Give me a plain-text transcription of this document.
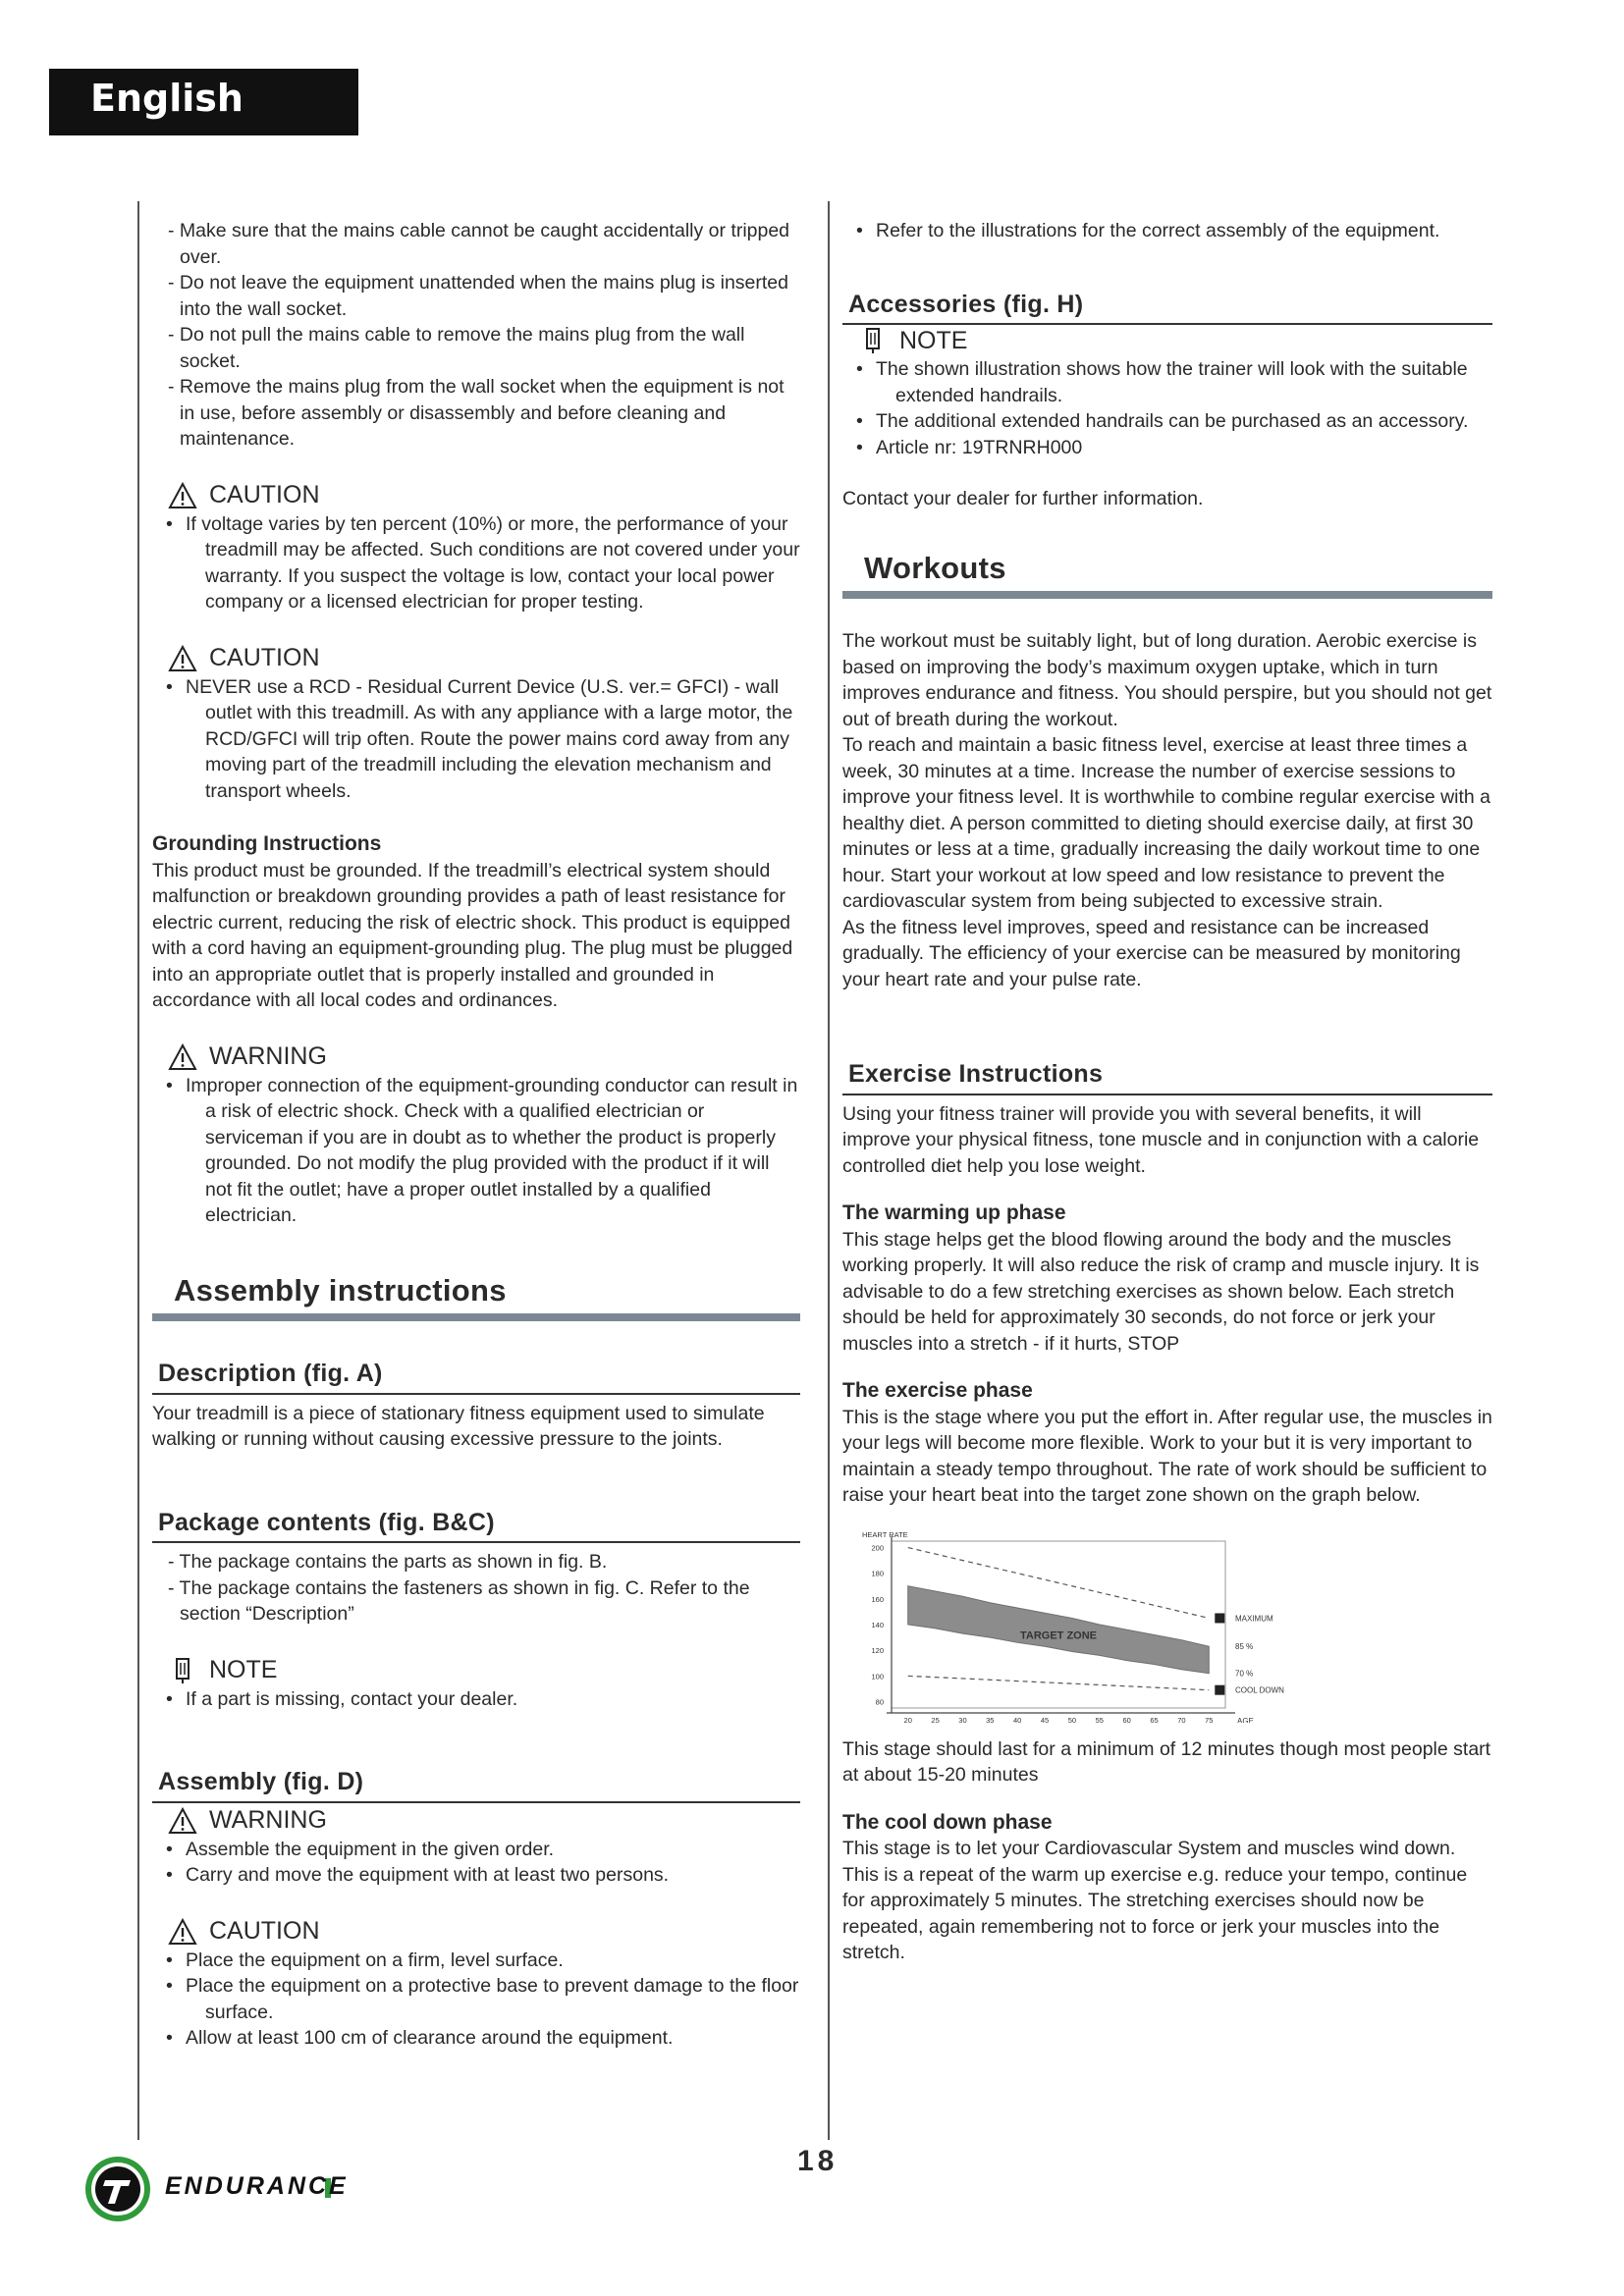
English
- Make sure that the mains cable cannot be caught accidentally or tripped over.
- Do not leave the equipment unattended when the mains plug is inserted into the wall socket.
- Do not pull the mains cable to remove the mains plug from the wall socket.
- Remove the mains plug from the wall socket when the equipment is not in use, before assembly or disassembly and before cleaning and maintenance.
CAUTION
• If voltage varies by ten percent (10%) or more, the performance of your treadmill may be affected. Such conditions are not covered under your warranty. If you suspect the voltage is low, contact your local power company or a licensed electrician for proper testing.
CAUTION
• NEVER use a RCD - Residual Current Device (U.S. ver.= GFCI) - wall outlet with this treadmill. As with any appliance with a large motor, the RCD/GFCI will trip often. Route the power mains cord away from any moving part of the treadmill including the elevation mechanism and transport wheels.
Grounding Instructions

This product must be grounded. If the treadmill’s electrical system should malfunction or breakdown grounding provides a path of least resistance for electric current, reducing the risk of electric shock. This product is equipped with a cord having an equipment-grounding plug. The plug must be plugged into an appropriate outlet that is properly installed and grounded in accordance with all local codes and ordinances.

WARNING
• Improper connection of the equipment-grounding conductor can result in a risk of electric shock. Check with a qualified electrician or serviceman if you are in doubt as to whether the product is properly grounded. Do not modify the plug provided with the product if it will not fit the outlet; have a proper outlet installed by a qualified electrician.
Assembly instructions
Description (fig. A)

Your treadmill is a piece of stationary fitness equipment used to simulate walking or running without causing excessive pressure to the joints.

Package contents (fig. B&C)
- The package contains the parts as shown in fig. B.
- The package contains the fasteners as shown in fig. C. Refer to the section “Description”
NOTE
• If a part is missing, contact your dealer.
Assembly (fig. D)
WARNING
• Assemble the equipment in the given order.
• Carry and move the equipment with at least two persons.
CAUTION
• Place the equipment on a firm, level surface.
• Place the equipment on a protective base to prevent damage to the floor surface.
• Allow at least 100 cm of clearance around the equipment.
• Refer to the illustrations for the correct assembly of the equipment.
Accessories (fig. H)
NOTE
• The shown illustration shows how the trainer will look with the suitable extended handrails.
• The additional extended handrails can be purchased as an accessory.
• Article nr: 19TRNRH000

Contact your dealer for further information.

Workouts

The workout must be suitably light, but of long duration. Aerobic exercise is based on improving the body’s maximum oxygen uptake, which in turn improves endurance and fitness. You should perspire, but you should not get out of breath during the workout.

To reach and maintain a basic fitness level, exercise at least three times a week, 30 minutes at a time. Increase the number of exercise sessions to improve your fitness level. It is worthwhile to combine regular exercise with a healthy diet. A person committed to dieting should exercise daily, at first 30 minutes or less at a time, gradually increasing the daily workout time to one hour. Start your workout at low speed and low resistance to prevent the cardiovascular system from being subjected to excessive strain.

As the fitness level improves, speed and resistance can be increased gradually. The efficiency of your exercise can be measured by monitoring your heart rate and your pulse rate.

Exercise Instructions

Using your fitness trainer will provide you with several benefits, it will improve your physical fitness, tone muscle and in conjunction with a calorie controlled diet help you lose weight.

The warming up phase

This stage helps get the blood flowing around the body and the muscles working properly. It will also reduce the risk of cramp and muscle injury. It is advisable to do a few stretching exercises as shown below. Each stretch should be held for approximately 30 seconds, do not force or jerk your muscles into a stretch - if it hurts, STOP

The exercise phase

This is the stage where you put the effort in. After regular use, the muscles in your legs will become more flexible. Work to your but it is very important to maintain a steady tempo throughout. The rate of work should be sufficient to raise your heart beat into the target zone shown on the graph below.

TARGET ZONE
MAXIMUM
85 %
70 %
COOL DOWN
200
180
160
140
120
100
80
20	25	30	35	40	45	50	55	60	65	70	75
HEART RATE
AGE

This stage should last for a minimum of 12 minutes though most people start at about 15-20 minutes

The cool down phase

This stage is to let your Cardiovascular System and muscles wind down. This is a repeat of the warm up exercise e.g. reduce your tempo, continue for approximately 5 minutes. The stretching exercises should now be repeated, again remembering not to force or jerk your muscles into the stretch.

ENDURANCE
18
